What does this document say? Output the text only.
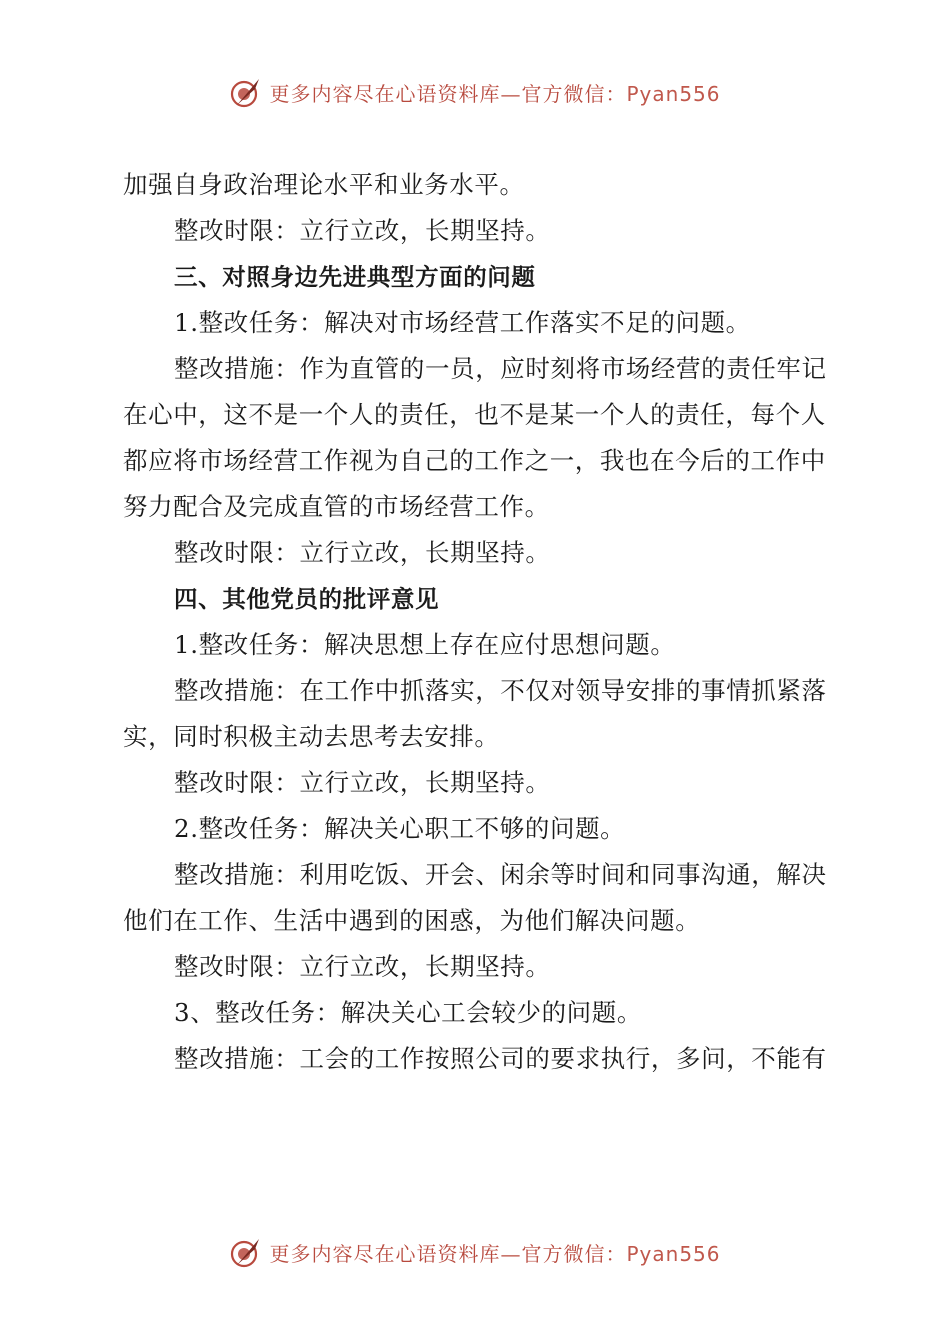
更多内容尽在心语资料库—官方微信：Pyan556
加强自身政治理论水平和业务水平。
整改时限：立行立改，长期坚持。
三、对照身边先进典型方面的问题
1.整改任务：解决对市场经营工作落实不足的问题。
整改措施：作为直管的一员，应时刻将市场经营的责任牢记
在心中，这不是一个人的责任，也不是某一个人的责任，每个人
都应将市场经营工作视为自己的工作之一，我也在今后的工作中
努力配合及完成直管的市场经营工作。
整改时限：立行立改，长期坚持。
四、其他党员的批评意见
1.整改任务：解决思想上存在应付思想问题。
整改措施：在工作中抓落实，不仅对领导安排的事情抓紧落
实，同时积极主动去思考去安排。
整改时限：立行立改，长期坚持。
2.整改任务：解决关心职工不够的问题。
整改措施：利用吃饭、开会、闲余等时间和同事沟通，解决
他们在工作、生活中遇到的困惑，为他们解决问题。
整改时限：立行立改，长期坚持。
3、整改任务：解决关心工会较少的问题。
整改措施：工会的工作按照公司的要求执行，多问，不能有
更多内容尽在心语资料库—官方微信：Pyan556
